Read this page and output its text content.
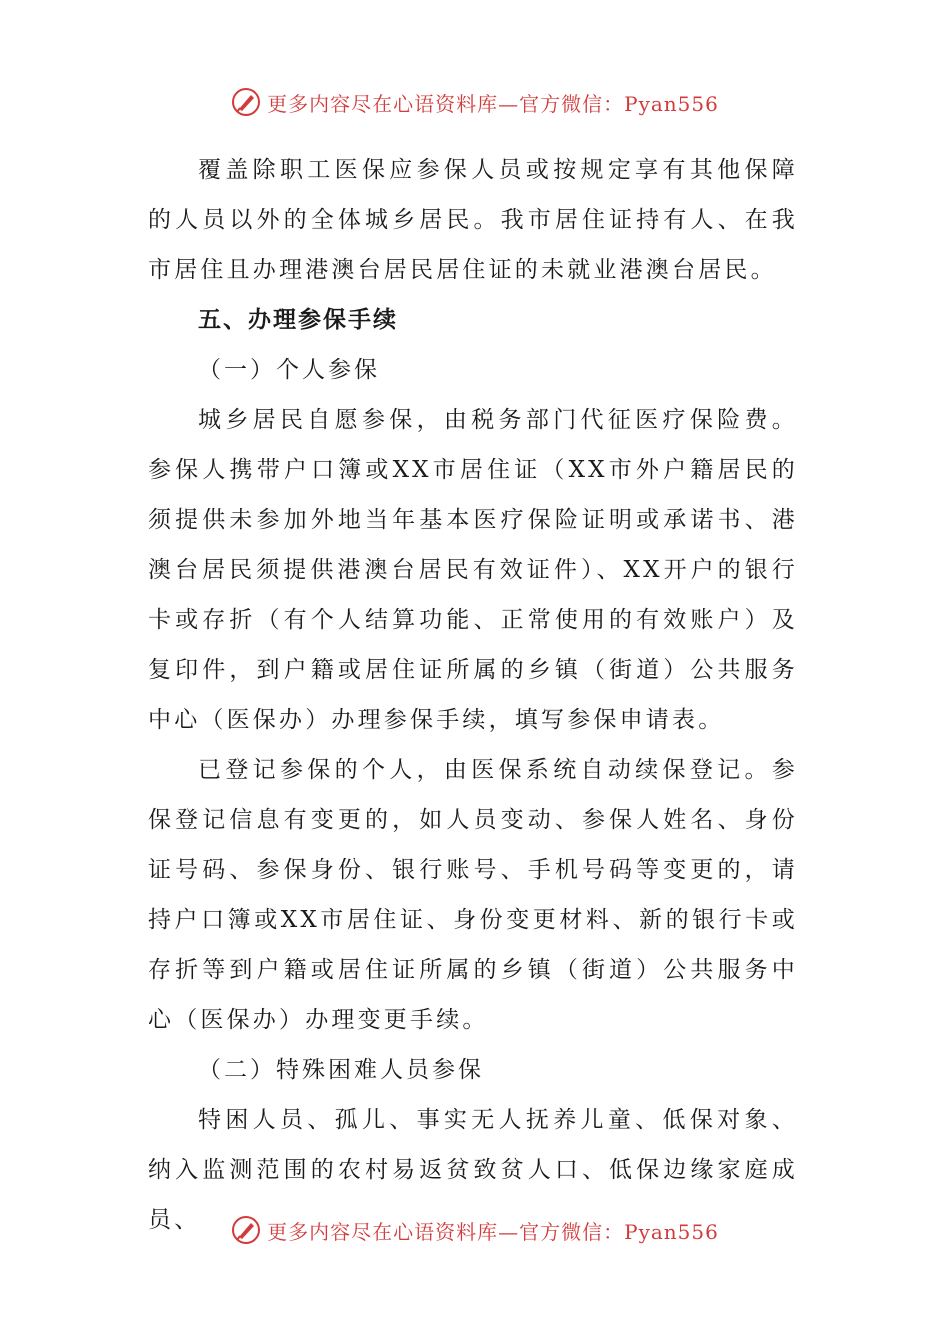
更多内容尽在心语资料库—官方微信：Pyan556

覆盖除职工医保应参保人员或按规定享有其他保障的人员以外的全体城乡居民。我市居住证持有人、在我市居住且办理港澳台居民居住证的未就业港澳台居民。

五、办理参保手续

（一）个人参保

城乡居民自愿参保，由税务部门代征医疗保险费。参保人携带户口簿或XX市居住证（XX市外户籍居民的须提供未参加外地当年基本医疗保险证明或承诺书、港澳台居民须提供港澳台居民有效证件）、XX开户的银行卡或存折（有个人结算功能、正常使用的有效账户）及复印件，到户籍或居住证所属的乡镇（街道）公共服务中心（医保办）办理参保手续，填写参保申请表。

已登记参保的个人，由医保系统自动续保登记。参保登记信息有变更的，如人员变动、参保人姓名、身份证号码、参保身份、银行账号、手机号码等变更的，请持户口簿或XX市居住证、身份变更材料、新的银行卡或存折等到户籍或居住证所属的乡镇（街道）公共服务中心（医保办）办理变更手续。

（二）特殊困难人员参保

特困人员、孤儿、事实无人抚养儿童、低保对象、纳入监测范围的农村易返贫致贫人口、低保边缘家庭成员、	更多内容尽在心语资料库—官方微信：Pyan556
